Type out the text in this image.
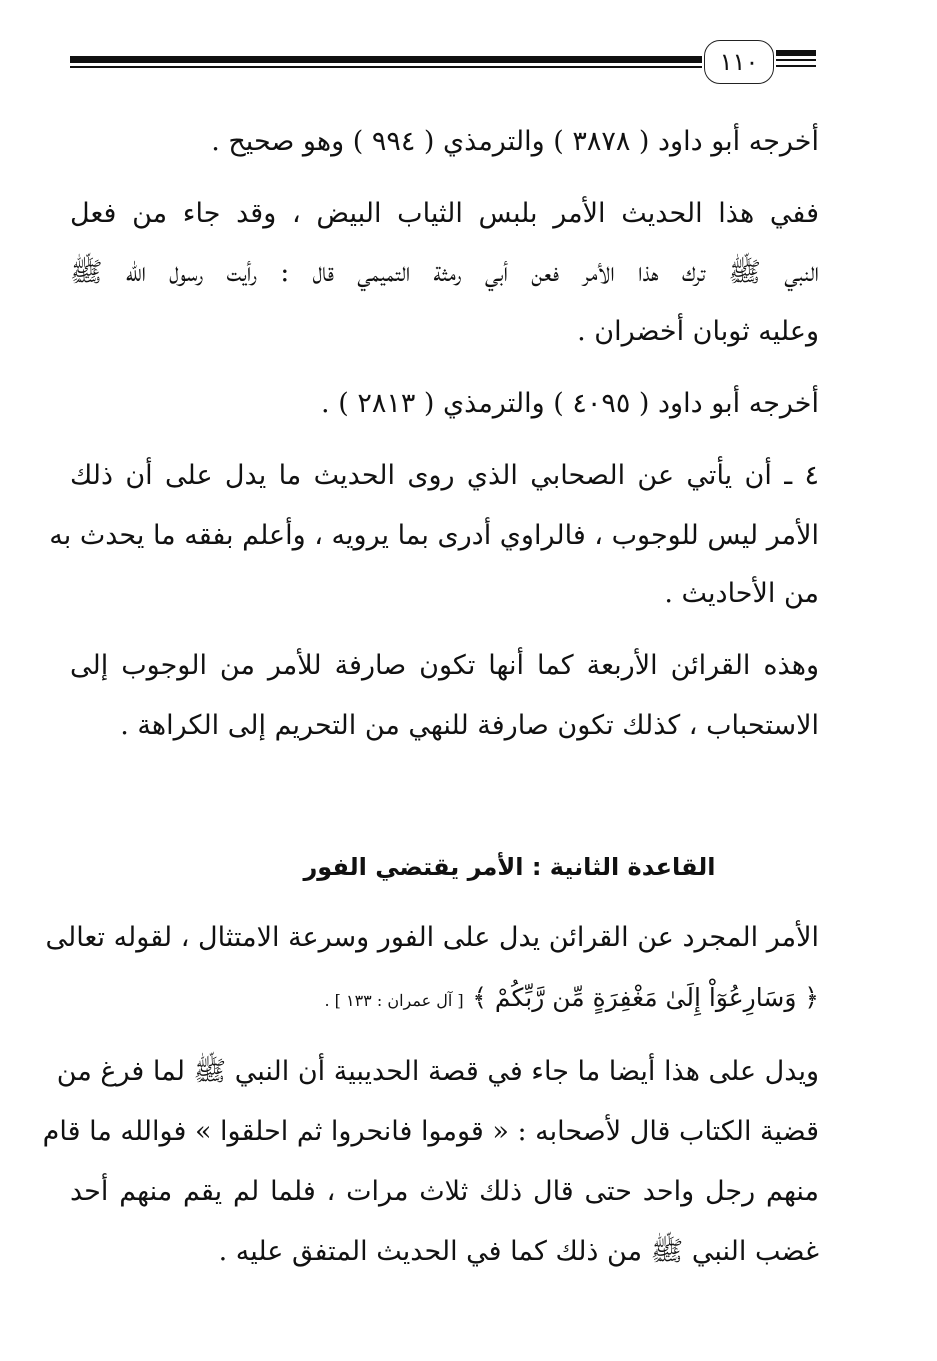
١١٠
أخرجه أبو داود ( ٣٨٧٨ ) والترمذي ( ٩٩٤ ) وهو صحيح .
ففي هذا الحديث الأمر بلبس الثياب البيض ، وقد جاء من فعل
النبي ﷺ ترك هذا الأمر فعن أبي رمثة التميمي قال : رأيت رسول الله ﷺ
وعليه ثوبان أخضران .
أخرجه أبو داود ( ٤٠٩٥ ) والترمذي ( ٢٨١٣ ) .
٤ ـ أن يأتي عن الصحابي الذي روى الحديث ما يدل على أن ذلك
الأمر ليس للوجوب ، فالراوي أدرى بما يرويه ، وأعلم بفقه ما يحدث به
من الأحاديث .
وهذه القرائن الأربعة كما أنها تكون صارفة للأمر من الوجوب إلى
الاستحباب ، كذلك تكون صارفة للنهي من التحريم إلى الكراهة .
القاعدة الثانية : الأمر يقتضي الفور
الأمر المجرد عن القرائن يدل على الفور وسرعة الامتثال ، لقوله تعالى
﴿ وَسَارِعُوٓاْ إِلَىٰ مَغْفِرَةٍ مِّن رَّبِّكُمْ ﴾ [ آل عمران : ١٣٣ ] .
ويدل على هذا أيضا ما جاء في قصة الحديبية أن النبي ﷺ لما فرغ من
قضية الكتاب قال لأصحابه : « قوموا فانحروا ثم احلقوا » فوالله ما قام
منهم رجل واحد حتى قال ذلك ثلاث مرات ، فلما لم يقم منهم أحد
غضب النبي ﷺ من ذلك كما في الحديث المتفق عليه .
